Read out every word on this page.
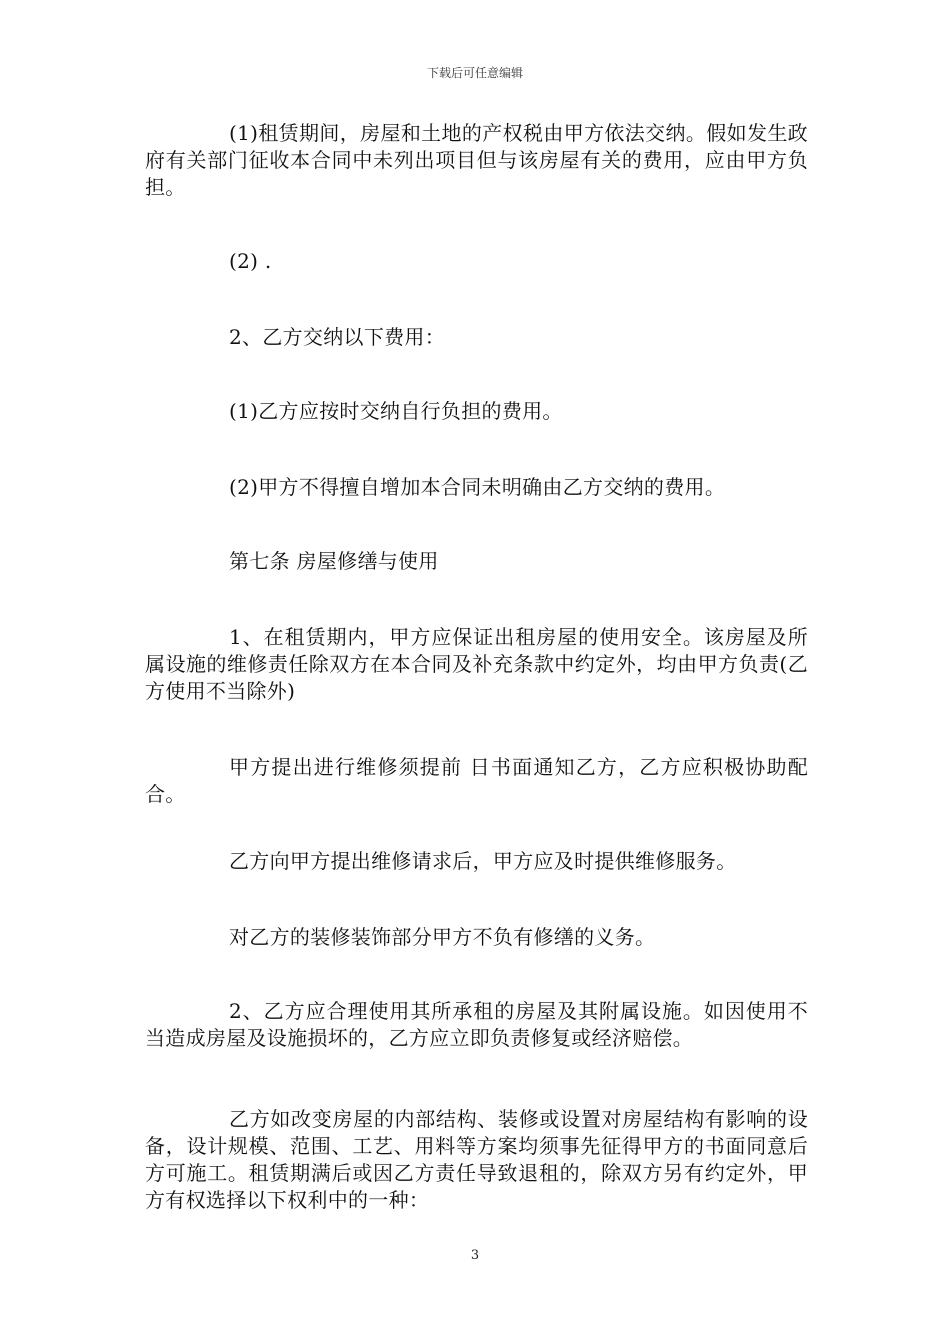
下载后可任意编辑

(1)租赁期间，房屋和土地的产权税由甲方依法交纳。假如发生政府有关部门征收本合同中未列出项目但与该房屋有关的费用，应由甲方负担。

(2) .

2、乙方交纳以下费用：

(1)乙方应按时交纳自行负担的费用。

(2)甲方不得擅自增加本合同未明确由乙方交纳的费用。

第七条 房屋修缮与使用

1、在租赁期内，甲方应保证出租房屋的使用安全。该房屋及所属设施的维修责任除双方在本合同及补充条款中约定外，均由甲方负责(乙方使用不当除外)

甲方提出进行维修须提前 日书面通知乙方，乙方应积极协助配合。

乙方向甲方提出维修请求后，甲方应及时提供维修服务。

对乙方的装修装饰部分甲方不负有修缮的义务。

2、乙方应合理使用其所承租的房屋及其附属设施。如因使用不当造成房屋及设施损坏的，乙方应立即负责修复或经济赔偿。

乙方如改变房屋的内部结构、装修或设置对房屋结构有影响的设备，设计规模、范围、工艺、用料等方案均须事先征得甲方的书面同意后方可施工。租赁期满后或因乙方责任导致退租的，除双方另有约定外，甲方有权选择以下权利中的一种：

3
